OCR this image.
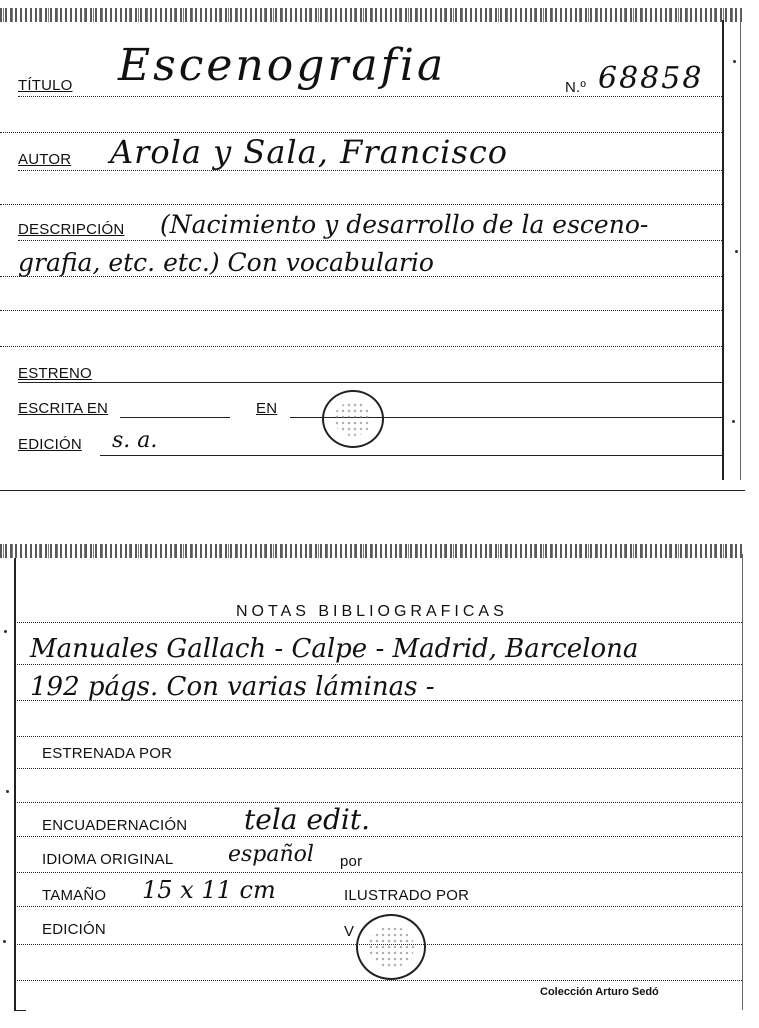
TÍTULO Escenografia	N.º 68858
AUTOR Arola y Sala, Francisco
DESCRIPCIÓN (Nacimiento y desarrollo de la esceno-
grafia, etc. etc.) Con vocabulario
ESTRENO
ESCRITA EN	EN
EDICIÓN s. a.
NOTAS BIBLIOGRAFICAS
Manuales Gallach - Calpe - Madrid, Barcelona
192 págs. Con varias láminas -
ESTRENADA POR
ENCUADERNACIÓN tela edit.
IDIOMA ORIGINAL español por
TAMAÑO 15 x 11 cm	ILUSTRADO POR
EDICIÓN	V
Colección Arturo Sedó
